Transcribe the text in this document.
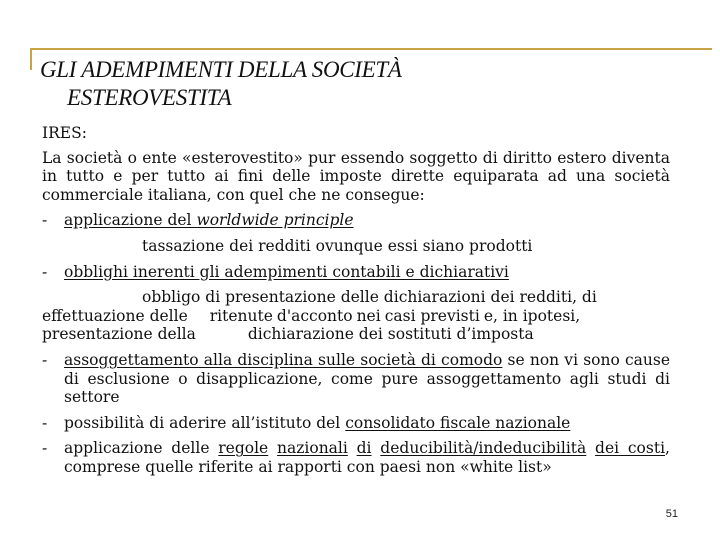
GLI ADEMPIMENTI DELLA SOCIETÀ
ESTEROVESTITA

IRES:

La società o ente «esterovestito» pur essendo soggetto di diritto estero diventa in tutto e per tutto ai fini delle imposte dirette equiparata ad una società commerciale italiana, con quel che ne consegue:

- applicazione del worldwide principle

tassazione dei redditi ovunque essi siano prodotti

- obblighi inerenti gli adempimenti contabili e dichiarativi

obbligo di presentazione delle dichiarazioni dei redditi, di

effettuazione delle ritenute d'acconto nei casi previsti e, in ipotesi,
presentazione della	dichiarazione dei sostituti d’imposta
- assoggettamento alla disciplina sulle società di comodo se non vi sono cause di esclusione o disapplicazione, come pure assoggettamento agli studi di settore
- possibilità di aderire all’istituto del consolidato fiscale nazionale
- applicazione delle regole nazionali di deducibilità/indeducibilità dei costi, comprese quelle riferite ai rapporti con paesi non «white list»
51
